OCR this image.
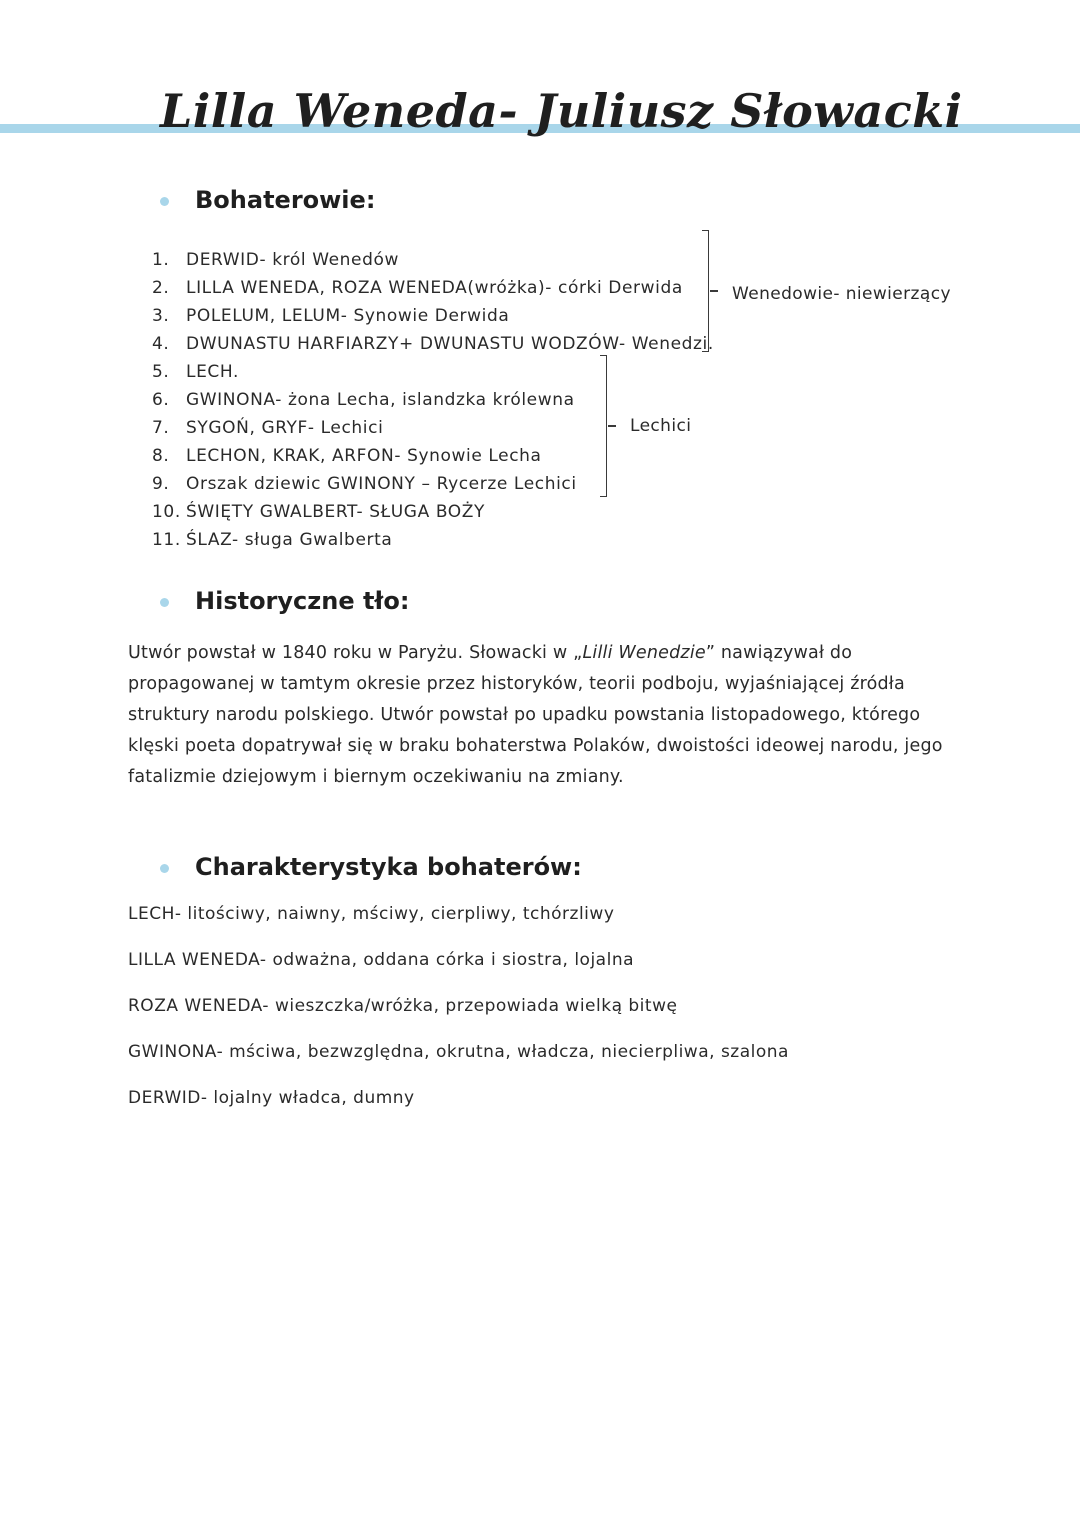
Lilla Weneda- Juliusz Słowacki
Bohaterowie:
1. DERWID- król Wenedów
2. LILLA WENEDA, ROZA WENEDA(wróżka)- córki Derwida
3. POLELUM, LELUM- Synowie Derwida
4. DWUNASTU HARFIARZY+ DWUNASTU WODZÓW- Wenedzi.
5. LECH.
6. GWINONA- żona Lecha, islandzka królewna
7. SYGOŃ, GRYF- Lechici
8. LECHON, KRAK, ARFON- Synowie Lecha
9. Orszak dziewic GWINONY – Rycerze Lechici
10. ŚWIĘTY GWALBERT- SŁUGA BOŻY
11. ŚLAZ- sługa Gwalberta
Wenedowie- niewierzący
Lechici
Historyczne tło:

Utwór powstał w 1840 roku w Paryżu. Słowacki w „Lilli Wenedzie” nawiązywał do propagowanej w tamtym okresie przez historyków, teorii podboju, wyjaśniającej źródła struktury narodu polskiego. Utwór powstał po upadku powstania listopadowego, którego klęski poeta dopatrywał się w braku bohaterstwa Polaków, dwoistości ideowej narodu, jego fatalizmie dziejowym i biernym oczekiwaniu na zmiany.

Charakterystyka bohaterów:
LECH- litościwy, naiwny, mściwy, cierpliwy, tchórzliwy
LILLA WENEDA- odważna, oddana córka i siostra, lojalna
ROZA WENEDA- wieszczka/wróżka, przepowiada wielką bitwę
GWINONA- mściwa, bezwzględna, okrutna, władcza, niecierpliwa, szalona
DERWID- lojalny władca, dumny
